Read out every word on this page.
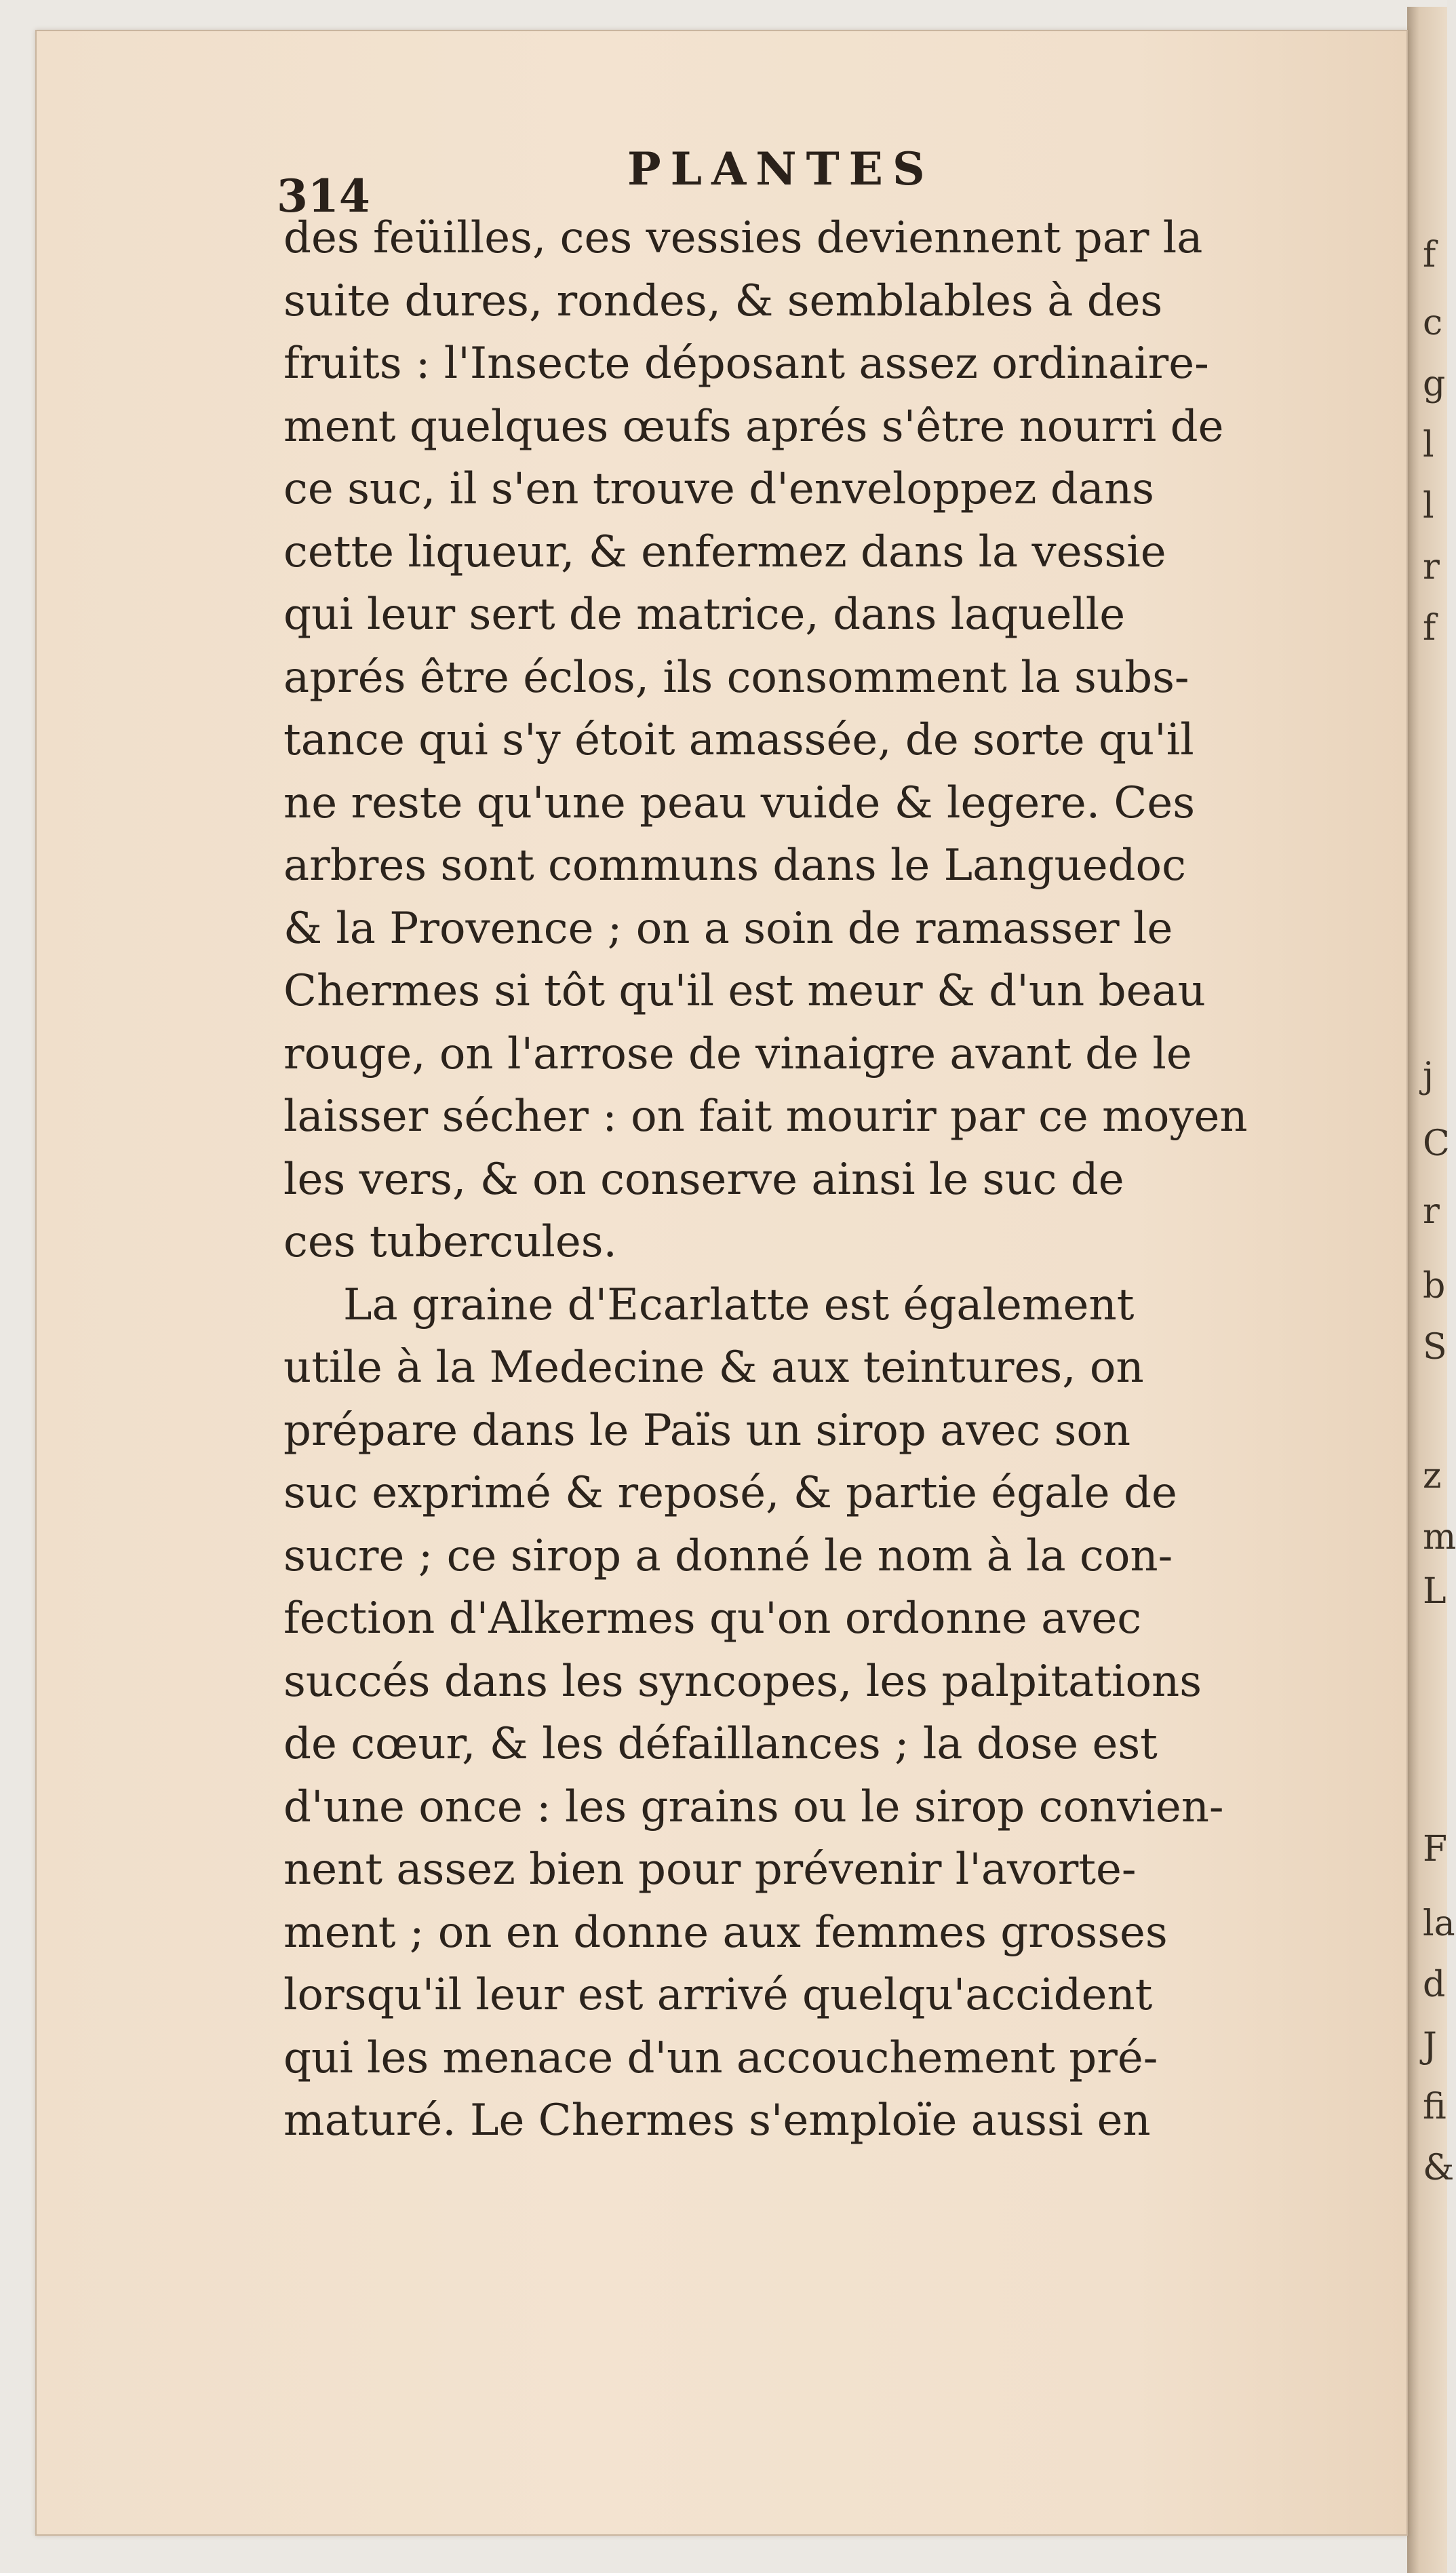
f
c
g
l
l
r
f
j
C
r
b
S
z
m
L
F
la
d
J
fi
&
314
PLANTES
des feüilles, ces vessies deviennent par la
suite dures, rondes, & semblables à des
fruits : l'Insecte déposant assez ordinaire-
ment quelques œufs aprés s'être nourri de
ce suc, il s'en trouve d'enveloppez dans
cette liqueur, & enfermez dans la vessie
qui leur sert de matrice, dans laquelle
aprés être éclos, ils consomment la subs-
tance qui s'y étoit amassée, de sorte qu'il
ne reste qu'une peau vuide & legere. Ces
arbres sont communs dans le Languedoc
& la Provence ; on a soin de ramasser le
Chermes si tôt qu'il est meur & d'un beau
rouge, on l'arrose de vinaigre avant de le
laisser sécher : on fait mourir par ce moyen
les vers, & on conserve ainsi le suc de
ces tubercules.
La graine d'Ecarlatte est également
utile à la Medecine & aux teintures, on
prépare dans le Païs un sirop avec son
suc exprimé & reposé, & partie égale de
sucre ; ce sirop a donné le nom à la con-
fection d'Alkermes qu'on ordonne avec
succés dans les syncopes, les palpitations
de cœur, & les défaillances ; la dose est
d'une once : les grains ou le sirop convien-
nent assez bien pour prévenir l'avorte-
ment ; on en donne aux femmes grosses
lorsqu'il leur est arrivé quelqu'accident
qui les menace d'un accouchement pré-
maturé. Le Chermes s'emploïe aussi en
